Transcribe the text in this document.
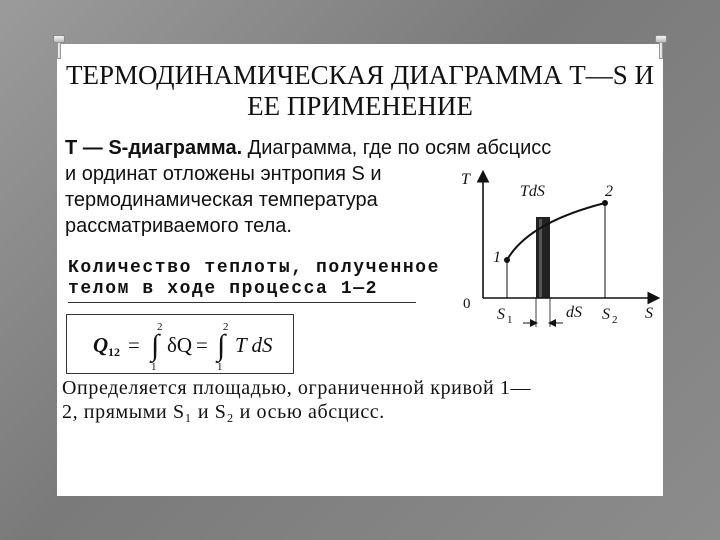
ТЕРМОДИНАМИЧЕСКАЯ ДИАГРАММА Т—S И ЕЕ ПРИМЕНЕНИЕ
Т — S-диаграмма. Диаграмма, где по осям абсцисс
и ординат отложены энтропия S и термодинамическая температура рассматриваемого тела.
Количество теплоты, полученное телом в ходе процесса 1—2
Q 12 = ∫
2
1
δQ = ∫
2
1
T dS
Определяется площадью, ограниченной кривой 1—2, прямыми S₁ и S₂ и осью абсцисс.
T
S
0
TdS
1
2
S 1	S 2
dS
